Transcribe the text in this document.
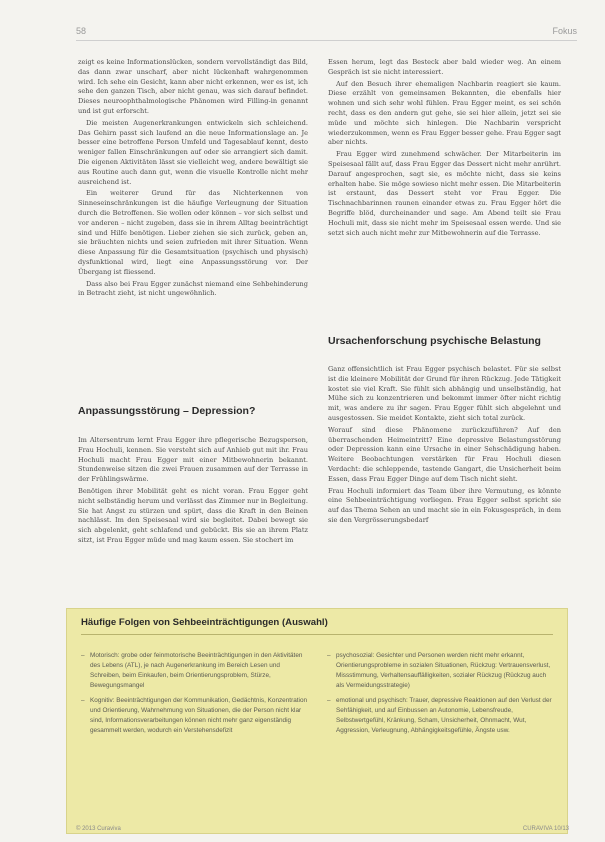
58	Fokus

zeigt es keine Informationslücken, sondern vervollständigt das Bild, das dann zwar unscharf, aber nicht lückenhaft wahrgenommen wird. Ich sehe ein Gesicht, kann aber nicht erkennen, wer es ist, ich sehe den ganzen Tisch, aber nicht genau, was sich darauf befindet. Dieses neuroophthalmologische Phänomen wird Filling-in genannt und ist gut erforscht.

Die meisten Augenerkrankungen entwickeln sich schleichend. Das Gehirn passt sich laufend an die neue Informationslage an. Je besser eine betroffene Person Umfeld und Tagesablauf kennt, desto weniger fallen Einschränkungen auf oder sie arrangiert sich damit. Die eigenen Aktivitäten lässt sie vielleicht weg, andere bewältigt sie aus Routine auch dann gut, wenn die visuelle Kontrolle nicht mehr ausreichend ist.

Ein weiterer Grund für das Nichterkennen von Sinneseinschränkungen ist die häufige Verleugnung der Situation durch die Betroffenen. Sie wollen oder können – vor sich selbst und vor anderen – nicht zugeben, dass sie in ihrem Alltag beeinträchtigt sind und Hilfe benötigen. Lieber ziehen sie sich zurück, geben an, sie bräuchten nichts und seien zufrieden mit ihrer Situation. Wenn diese Anpassung für die Gesamtsituation (psychisch und physisch) dysfunktional wird, liegt eine Anpassungsstörung vor. Der Übergang ist fliessend.

Dass also bei Frau Egger zunächst niemand eine Sehbehinderung in Betracht zieht, ist nicht ungewöhnlich.

Anpassungsstörung – Depression?

Im Altersentrum lernt Frau Egger ihre pflegerische Bezugsperson, Frau Hochuli, kennen. Sie versteht sich auf Anhieb gut mit ihr. Frau Hochuli macht Frau Egger mit einer Mitbewohnerin bekannt. Stundenweise sitzen die zwei Frauen zusammen auf der Terrasse in der Frühlingswärme.

Benötigen ihrer Mobilität geht es nicht voran. Frau Egger geht nicht selbständig herum und verlässt das Zimmer nur in Begleitung. Sie hat Angst zu stürzen und spürt, dass die Kraft in den Beinen nachlässt. Im den Speisesaal wird sie begleitet. Dabei bewegt sie sich abgelenkt, geht schlafend und gebückt. Bis sie an ihrem Platz sitzt, ist Frau Egger müde und mag kaum essen. Sie stochert im

Essen herum, legt das Besteck aber bald wieder weg. An einem Gespräch ist sie nicht interessiert.

Auf den Besuch ihrer ehemaligen Nachbarin reagiert sie kaum. Diese erzählt von gemeinsamen Bekannten, die ebenfalls hier wohnen und sich sehr wohl fühlen. Frau Egger meint, es sei schön recht, dass es den andern gut gehe, sie sei hier allein, jetzt sei sie müde und möchte sich hinlegen. Die Nachbarin verspricht wiederzukommen, wenn es Frau Egger besser gehe. Frau Egger sagt aber nichts.

Frau Egger wird zunehmend schwächer. Der Mitarbeiterin im Speisesaal fällt auf, dass Frau Egger das Dessert nicht mehr anrührt. Darauf angesprochen, sagt sie, es möchte nicht, dass sie keins erhalten habe. Sie möge sowieso nicht mehr essen. Die Mitarbeiterin ist erstaunt, das Dessert steht vor Frau Egger. Die Tischnachbarinnen raunen einander etwas zu. Frau Egger hört die Begriffe blöd, durcheinander und sage. Am Abend teilt sie Frau Hochuli mit, dass sie nicht mehr im Speisesaal essen werde. Und sie setzt sich auch nicht mehr zur Mitbewohnerin auf die Terrasse.

Ursachenforschung psychische Belastung

Ganz offensichtlich ist Frau Egger psychisch belastet. Für sie selbst ist die kleinere Mobilität der Grund für ihren Rückzug. Jede Tätigkeit kostet sie viel Kraft. Sie fühlt sich abhängig und unselbständig, hat Mühe sich zu konzentrieren und bekommt immer öfter nicht richtig mit, was andere zu ihr sagen. Frau Egger fühlt sich abgelehnt und ausgestossen. Sie meidet Kontakte, zieht sich total zurück.

Worauf sind diese Phänomene zurückzuführen? Auf den überraschenden Heimeintritt? Eine depressive Belastungsstörung oder Depression kann eine Ursache in einer Sehschädigung haben. Weitere Beobachtungen verstärken für Frau Hochuli diesen Verdacht: die schleppende, tastende Gangart, die Unsicherheit beim Essen, dass Frau Egger Dinge auf dem Tisch nicht sieht.

Frau Hochuli informiert das Team über ihre Vermutung, es könnte eine Sehbeeinträchtigung vorliegen. Frau Egger selbst spricht sie auf das Thema Sehen an und macht sie in ein Fokusgespräch, in dem sie den Vergrösserungsbedarf

Häufige Folgen von Sehbeeinträchtigungen (Auswahl)
– Motorisch: grobe oder feinmotorische Beeinträchtigungen in den Aktivitäten des Lebens (ATL), je nach Augenerkrankung im Bereich Lesen und Schreiben, beim Einkaufen, beim Orientierungsproblem, Stürze, Bewegungsmangel
– Kognitiv: Beeinträchtigungen der Kommunikation, Gedächtnis, Konzentration und Orientierung, Wahrnehmung von Situationen, die der Person nicht klar sind, Informationsverarbeitungen können nicht mehr ganz eigenständig gesammelt werden, wodurch ein Verstehensdefizit
– psychosozial: Gesichter und Personen werden nicht mehr erkannt, Orientierungsprobleme in sozialen Situationen, Rückzug: Vertrauensverlust, Missstimmung, Verhaltensauffälligkeiten, sozialer Rückzug (Rückzug auch als Vermeidungsstrategie)
– emotional und psychisch: Trauer, depressive Reaktionen auf den Verlust der Sehfähigkeit, und auf Einbussen an Autonomie, Lebensfreude, Selbstwertgefühl, Kränkung, Scham, Unsicherheit, Ohnmacht, Wut, Aggression, Verleugnung, Abhängigkeitsgefühle, Ängste usw.
© 2013 Curaviva	CURAVIVA 10/13
